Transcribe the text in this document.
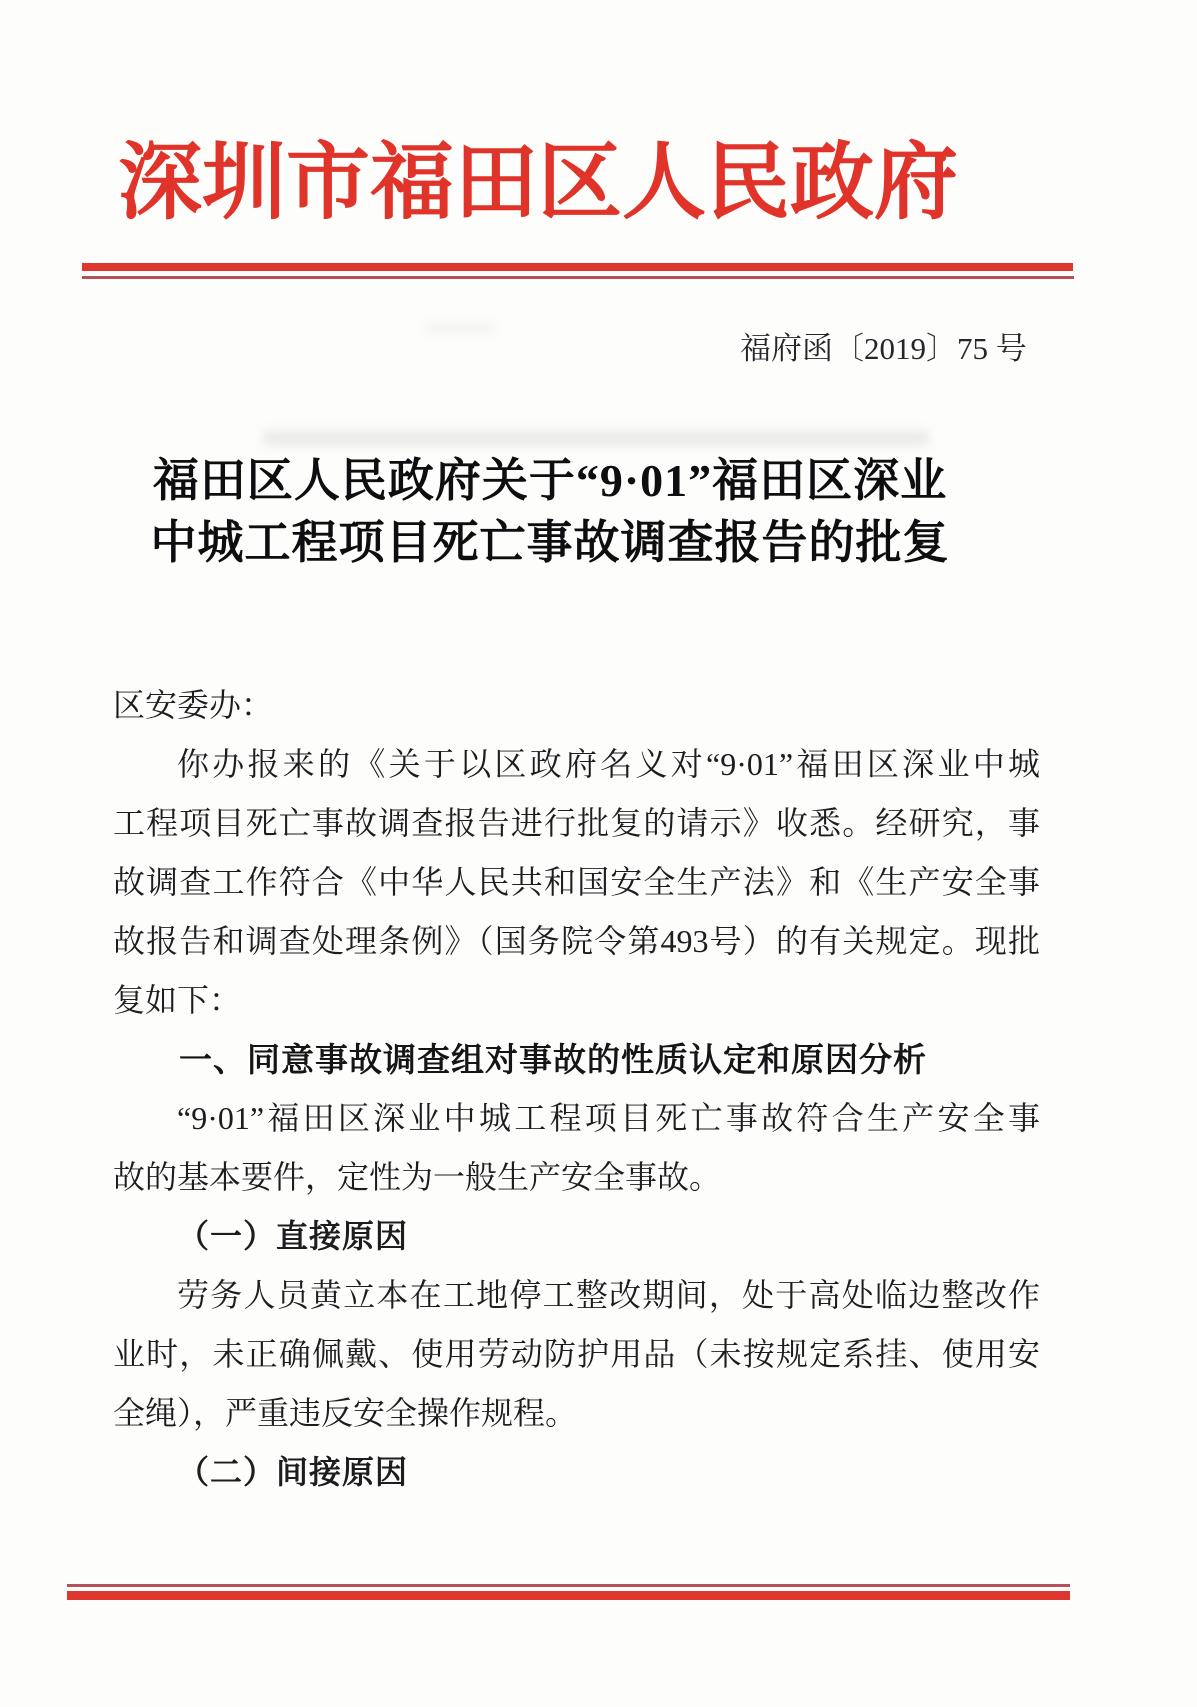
深圳市福田区人民政府
福府函〔2019〕75 号
福田区人民政府关于“9·01”福田区深业
中城工程项目死亡事故调查报告的批复
区安委办：
你办报来的《关于以区政府名义对“9·01”福田区深业中城
工程项目死亡事故调查报告进行批复的请示》收悉。经研究，事
故调查工作符合《中华人民共和国安全生产法》和《生产安全事
故报告和调查处理条例》（国务院令第493号）的有关规定。现批
复如下：
一、同意事故调查组对事故的性质认定和原因分析
“9·01”福田区深业中城工程项目死亡事故符合生产安全事
故的基本要件，定性为一般生产安全事故。
（一）直接原因
劳务人员黄立本在工地停工整改期间，处于高处临边整改作
业时，未正确佩戴、使用劳动防护用品（未按规定系挂、使用安
全绳），严重违反安全操作规程。
（二）间接原因
